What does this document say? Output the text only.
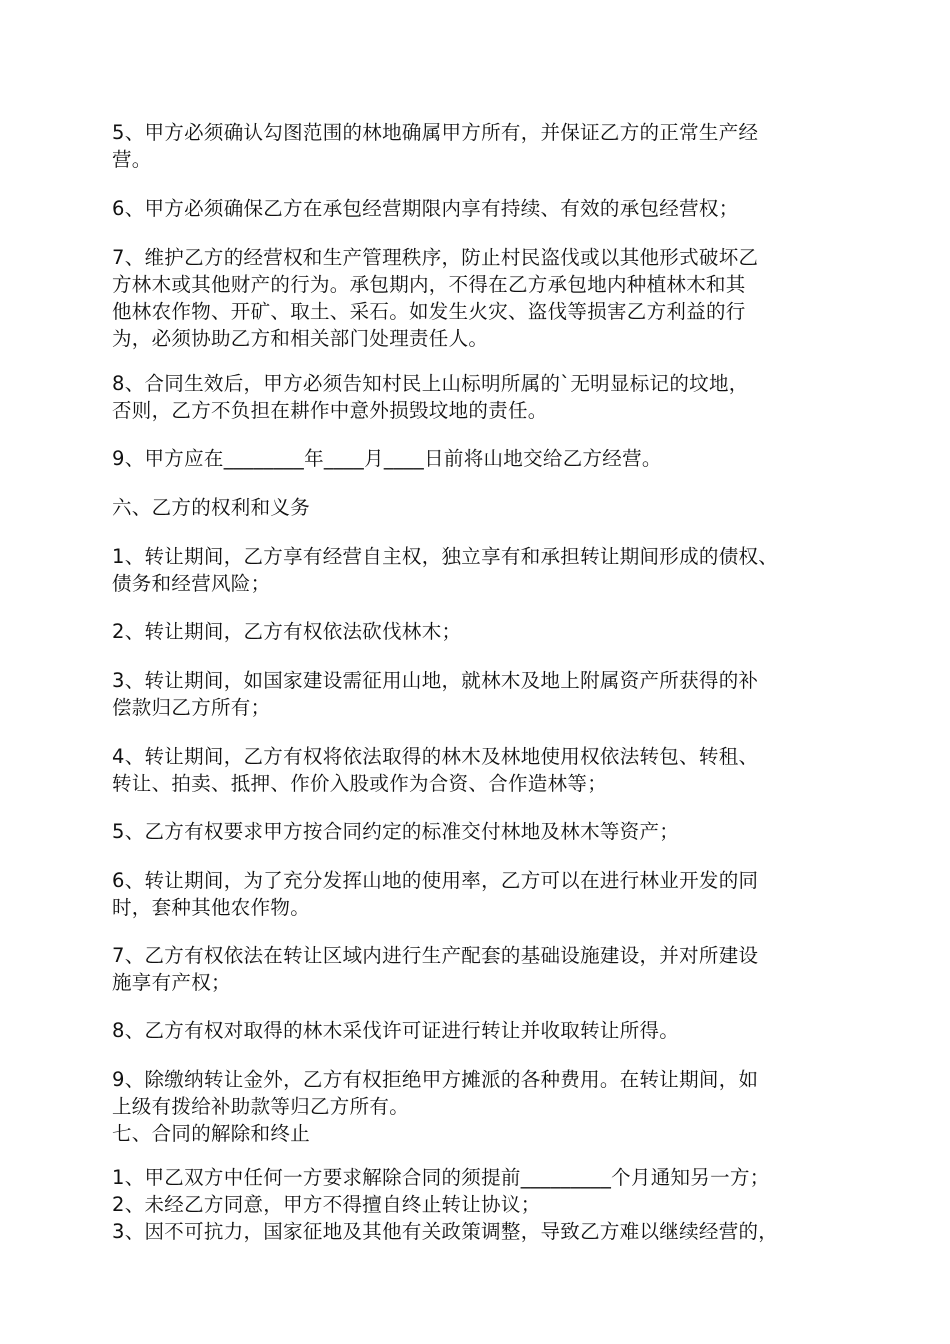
5、甲方必须确认勾图范围的林地确属甲方所有，并保证乙方的正常生产经
营。
6、甲方必须确保乙方在承包经营期限内享有持续、有效的承包经营权；
7、维护乙方的经营权和生产管理秩序，防止村民盗伐或以其他形式破坏乙
方林木或其他财产的行为。承包期内，不得在乙方承包地内种植林木和其
他林农作物、开矿、取土、采石。如发生火灾、盗伐等损害乙方利益的行
为，必须协助乙方和相关部门处理责任人。
8、合同生效后，甲方必须告知村民上山标明所属的`无明显标记的坟地，
否则，乙方不负担在耕作中意外损毁坟地的责任。
9、甲方应在________年____月____日前将山地交给乙方经营。
六、乙方的权利和义务
1、转让期间，乙方享有经营自主权，独立享有和承担转让期间形成的债权、
债务和经营风险；
2、转让期间，乙方有权依法砍伐林木；
3、转让期间，如国家建设需征用山地，就林木及地上附属资产所获得的补
偿款归乙方所有；
4、转让期间，乙方有权将依法取得的林木及林地使用权依法转包、转租、
转让、拍卖、抵押、作价入股或作为合资、合作造林等；
5、乙方有权要求甲方按合同约定的标准交付林地及林木等资产；
6、转让期间，为了充分发挥山地的使用率，乙方可以在进行林业开发的同
时，套种其他农作物。
7、乙方有权依法在转让区域内进行生产配套的基础设施建设，并对所建设
施享有产权；
8、乙方有权对取得的林木采伐许可证进行转让并收取转让所得。
9、除缴纳转让金外，乙方有权拒绝甲方摊派的各种费用。在转让期间，如
上级有拨给补助款等归乙方所有。
七、合同的解除和终止
1、甲乙双方中任何一方要求解除合同的须提前_________个月通知另一方；
2、未经乙方同意，甲方不得擅自终止转让协议；
3、因不可抗力，国家征地及其他有关政策调整，导致乙方难以继续经营的，
